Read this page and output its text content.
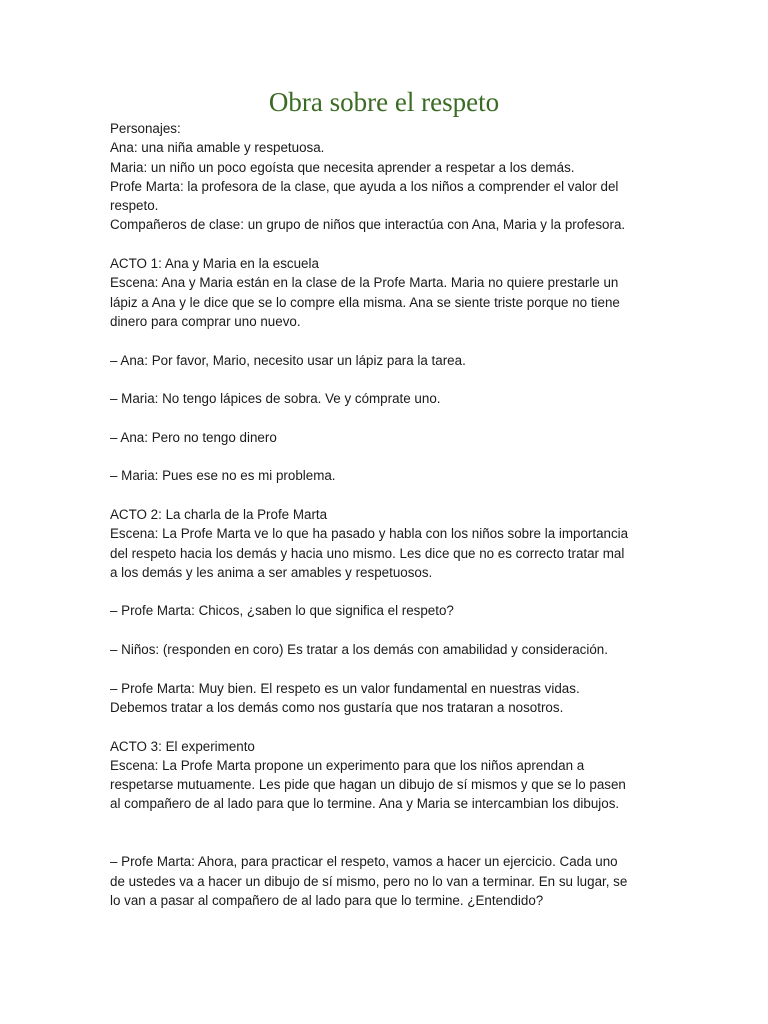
Obra sobre el respeto
Personajes:
Ana: una niña amable y respetuosa.
Maria: un niño un poco egoísta que necesita aprender a respetar a los demás.
Profe Marta: la profesora de la clase, que ayuda a los niños a comprender el valor del
respeto.
Compañeros de clase: un grupo de niños que interactúa con Ana, Maria y la profesora.
ACTO 1: Ana y Maria en la escuela
Escena: Ana y Maria están en la clase de la Profe Marta. Maria no quiere prestarle un
lápiz a Ana y le dice que se lo compre ella misma. Ana se siente triste porque no tiene
dinero para comprar uno nuevo.
– Ana: Por favor, Mario, necesito usar un lápiz para la tarea.
– Maria: No tengo lápices de sobra. Ve y cómprate uno.
– Ana: Pero no tengo dinero
– Maria: Pues ese no es mi problema.
ACTO 2: La charla de la Profe Marta
Escena: La Profe Marta ve lo que ha pasado y habla con los niños sobre la importancia
del respeto hacia los demás y hacia uno mismo. Les dice que no es correcto tratar mal
a los demás y les anima a ser amables y respetuosos.
– Profe Marta: Chicos, ¿saben lo que significa el respeto?
– Niños: (responden en coro) Es tratar a los demás con amabilidad y consideración.
– Profe Marta: Muy bien. El respeto es un valor fundamental en nuestras vidas.
Debemos tratar a los demás como nos gustaría que nos trataran a nosotros.
ACTO 3: El experimento
Escena: La Profe Marta propone un experimento para que los niños aprendan a
respetarse mutuamente. Les pide que hagan un dibujo de sí mismos y que se lo pasen
al compañero de al lado para que lo termine. Ana y Maria se intercambian los dibujos.
– Profe Marta: Ahora, para practicar el respeto, vamos a hacer un ejercicio. Cada uno
de ustedes va a hacer un dibujo de sí mismo, pero no lo van a terminar. En su lugar, se
lo van a pasar al compañero de al lado para que lo termine. ¿Entendido?
